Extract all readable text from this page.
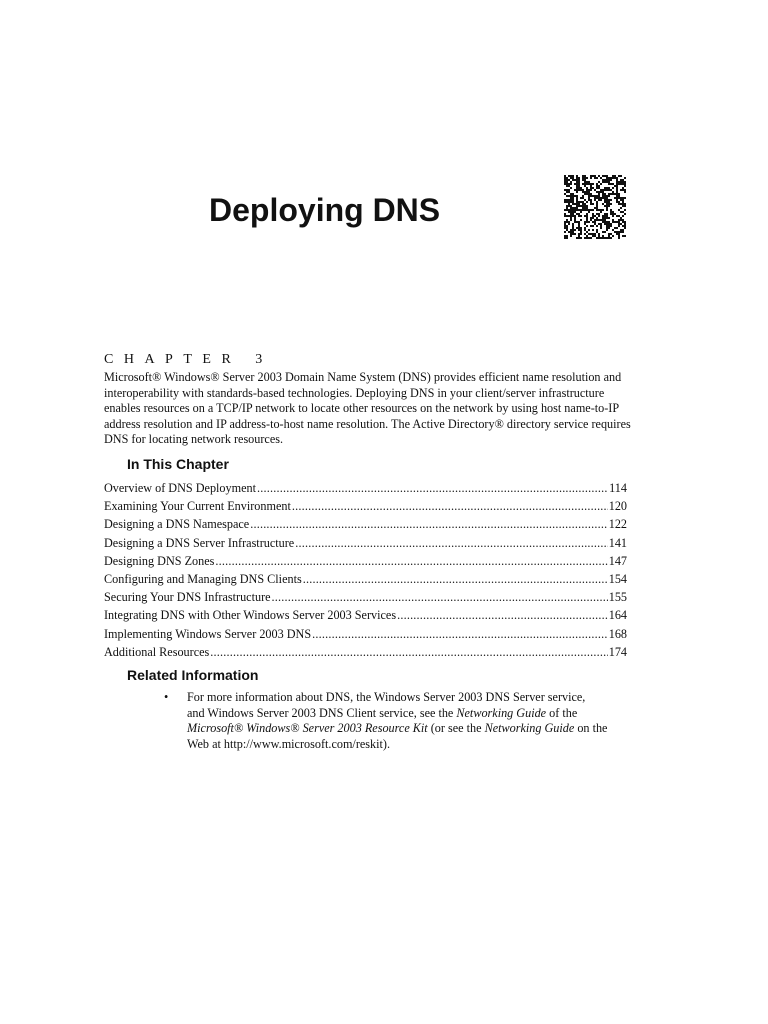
Deploying DNS
CHAPTER 3

Microsoft® Windows® Server 2003 Domain Name System (DNS) provides efficient name resolution and
interoperability with standards-based technologies. Deploying DNS in your client/server infrastructure
enables resources on a TCP/IP network to locate other resources on the network by using host name-to-IP
address resolution and IP address-to-host name resolution. The Active Directory® directory service requires
DNS for locating network resources.

In This Chapter
Overview of DNS Deployment .....	114
Examining Your Current Environment .....	120
Designing a DNS Namespace .....	122
Designing a DNS Server Infrastructure .....	141
Designing DNS Zones .....	147
Configuring and Managing DNS Clients .....	154
Securing Your DNS Infrastructure .....	155
Integrating DNS with Other Windows Server 2003 Services .....	164
Implementing Windows Server 2003 DNS .....	168
Additional Resources .....	174
Related Information
• For more information about DNS, the Windows Server 2003 DNS Server service,
and Windows Server 2003 DNS Client service, see the Networking Guide of the
Microsoft® Windows® Server 2003 Resource Kit (or see the Networking Guide on the
Web at http://www.microsoft.com/reskit).
